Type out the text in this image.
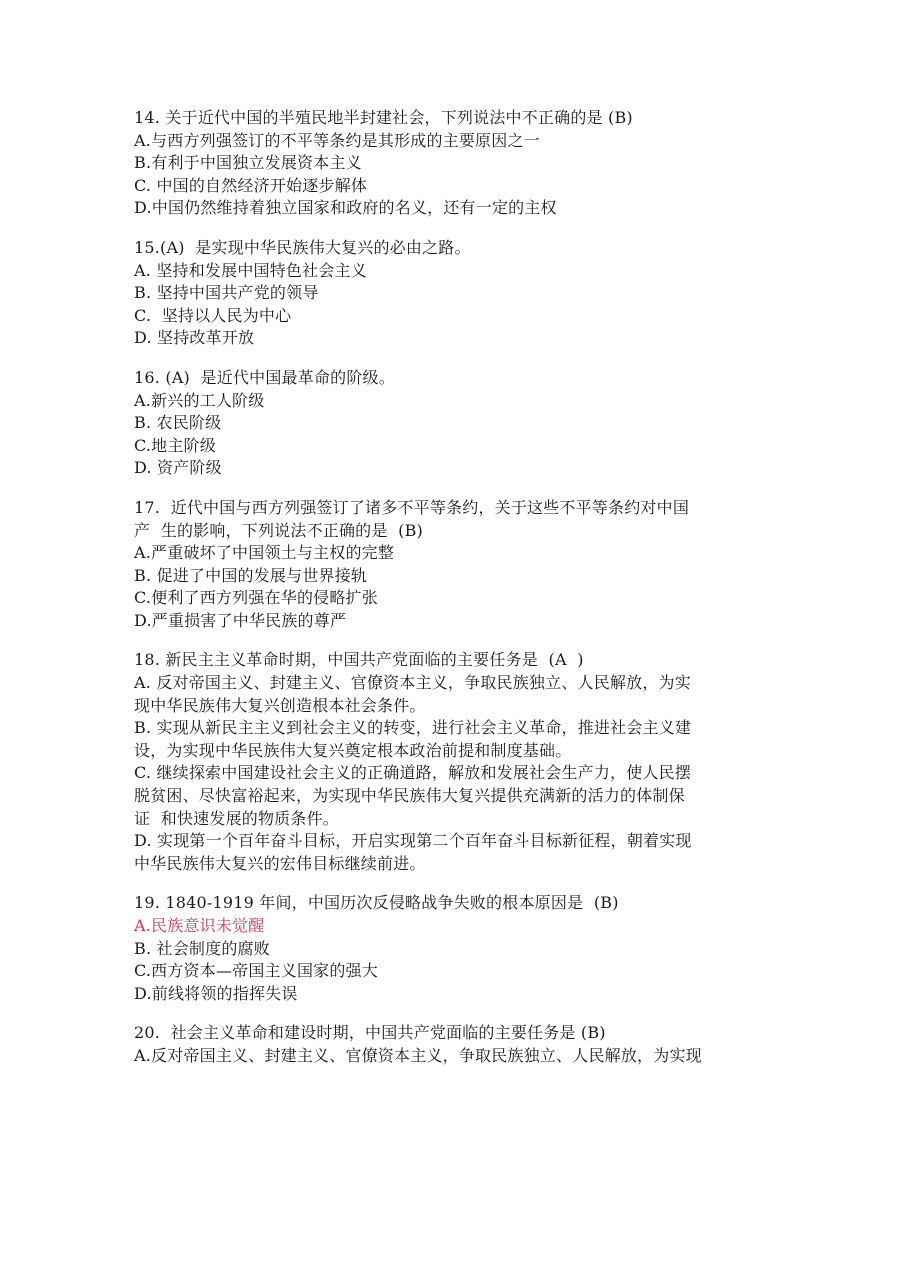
14. 关于近代中国的半殖民地半封建社会，下列说法中不正确的是 (B)
A.与西方列强签订的不平等条约是其形成的主要原因之一
B.有利于中国独立发展资本主义
C. 中国的自然经济开始逐步解体
D.中国仍然维持着独立国家和政府的名义，还有一定的主权
15.(A)  是实现中华民族伟大复兴的必由之路。
A. 坚持和发展中国特色社会主义
B. 坚持中国共产党的领导
C.  坚持以人民为中心
D. 坚持改革开放
16. (A)  是近代中国最革命的阶级。
A.新兴的工人阶级
B. 农民阶级
C.地主阶级
D. 资产阶级
17.  近代中国与西方列强签订了诸多不平等条约，关于这些不平等条约对中国
产  生的影响，下列说法不正确的是  (B)
A.严重破坏了中国领土与主权的完整
B. 促进了中国的发展与世界接轨
C.便利了西方列强在华的侵略扩张
D.严重损害了中华民族的尊严
18. 新民主主义革命时期，中国共产党面临的主要任务是  (A  )
A. 反对帝国主义、封建主义、官僚资本主义，争取民族独立、人民解放，为实
现中华民族伟大复兴创造根本社会条件。
B. 实现从新民主主义到社会主义的转变，进行社会主义革命，推进社会主义建
设，为实现中华民族伟大复兴奠定根本政治前提和制度基础。
C. 继续探索中国建设社会主义的正确道路，解放和发展社会生产力，使人民摆
脱贫困、尽快富裕起来，为实现中华民族伟大复兴提供充满新的活力的体制保
证  和快速发展的物质条件。
D. 实现第一个百年奋斗目标，开启实现第二个百年奋斗目标新征程，朝着实现
中华民族伟大复兴的宏伟目标继续前进。
19. 1840-1919 年间，中国历次反侵略战争失败的根本原因是  (B)
A.民族意识未觉醒
B. 社会制度的腐败
C.西方资本—帝国主义国家的强大
D.前线将领的指挥失误
20.  社会主义革命和建设时期，中国共产党面临的主要任务是 (B)
A.反对帝国主义、封建主义、官僚资本主义，争取民族独立、人民解放，为实现
